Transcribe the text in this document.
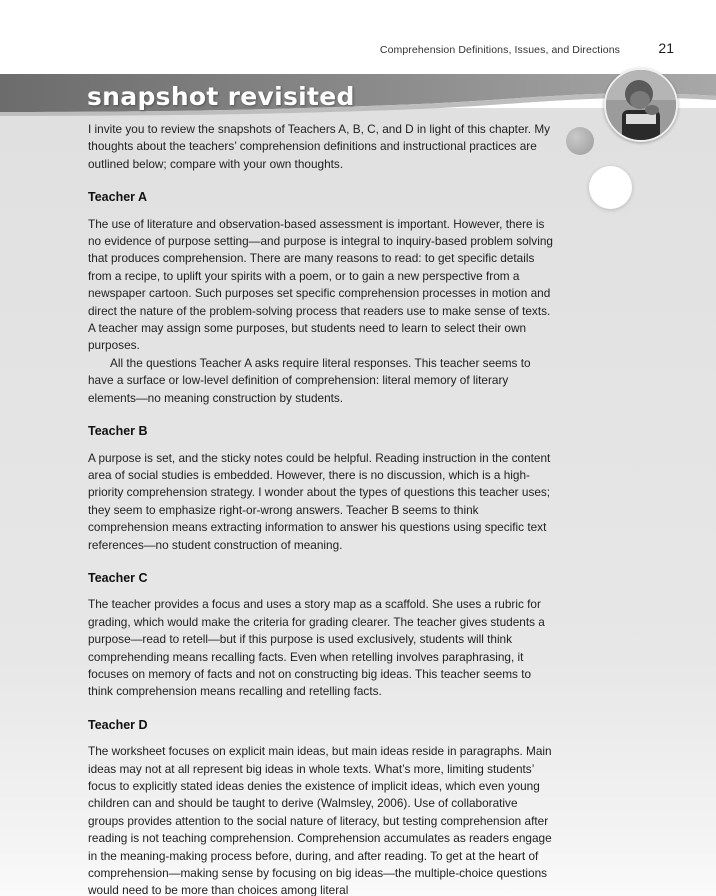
Comprehension Definitions, Issues, and Directions	21
snapshot revisited

I invite you to review the snapshots of Teachers A, B, C, and D in light of this chapter. My thoughts about the teachers’ comprehension definitions and instructional practices are outlined below; compare with your own thoughts.

Teacher A

The use of literature and observation-based assessment is important. However, there is no evidence of purpose setting—and purpose is integral to inquiry-based problem solving that produces comprehension. There are many reasons to read: to get specific details from a recipe, to uplift your spirits with a poem, or to gain a new perspective from a newspaper cartoon. Such purposes set specific comprehension processes in motion and direct the nature of the problem-solving process that readers use to make sense of texts. A teacher may assign some purposes, but students need to learn to select their own purposes.

All the questions Teacher A asks require literal responses. This teacher seems to have a surface or low-level definition of comprehension: literal memory of literary elements—no meaning construction by students.

Teacher B

A purpose is set, and the sticky notes could be helpful. Reading instruction in the content area of social studies is embedded. However, there is no discussion, which is a high-priority comprehension strategy. I wonder about the types of questions this teacher uses; they seem to emphasize right-or-wrong answers. Teacher B seems to think comprehension means extracting information to answer his questions using specific text references—no student construction of meaning.

Teacher C

The teacher provides a focus and uses a story map as a scaffold. She uses a rubric for grading, which would make the criteria for grading clearer. The teacher gives students a purpose—read to retell—but if this purpose is used exclusively, students will think comprehending means recalling facts. Even when retelling involves paraphrasing, it focuses on memory of facts and not on constructing big ideas. This teacher seems to think comprehension means recalling and retelling facts.

Teacher D

The worksheet focuses on explicit main ideas, but main ideas reside in paragraphs. Main ideas may not at all represent big ideas in whole texts. What’s more, limiting students’ focus to explicitly stated ideas denies the existence of implicit ideas, which even young children can and should be taught to derive (Walmsley, 2006). Use of collaborative groups provides attention to the social nature of literacy, but testing comprehension after reading is not teaching comprehension. Comprehension accumulates as readers engage in the meaning-making process before, during, and after reading. To get at the heart of comprehension—making sense by focusing on big ideas—the multiple-choice questions would need to be more than choices among literal
